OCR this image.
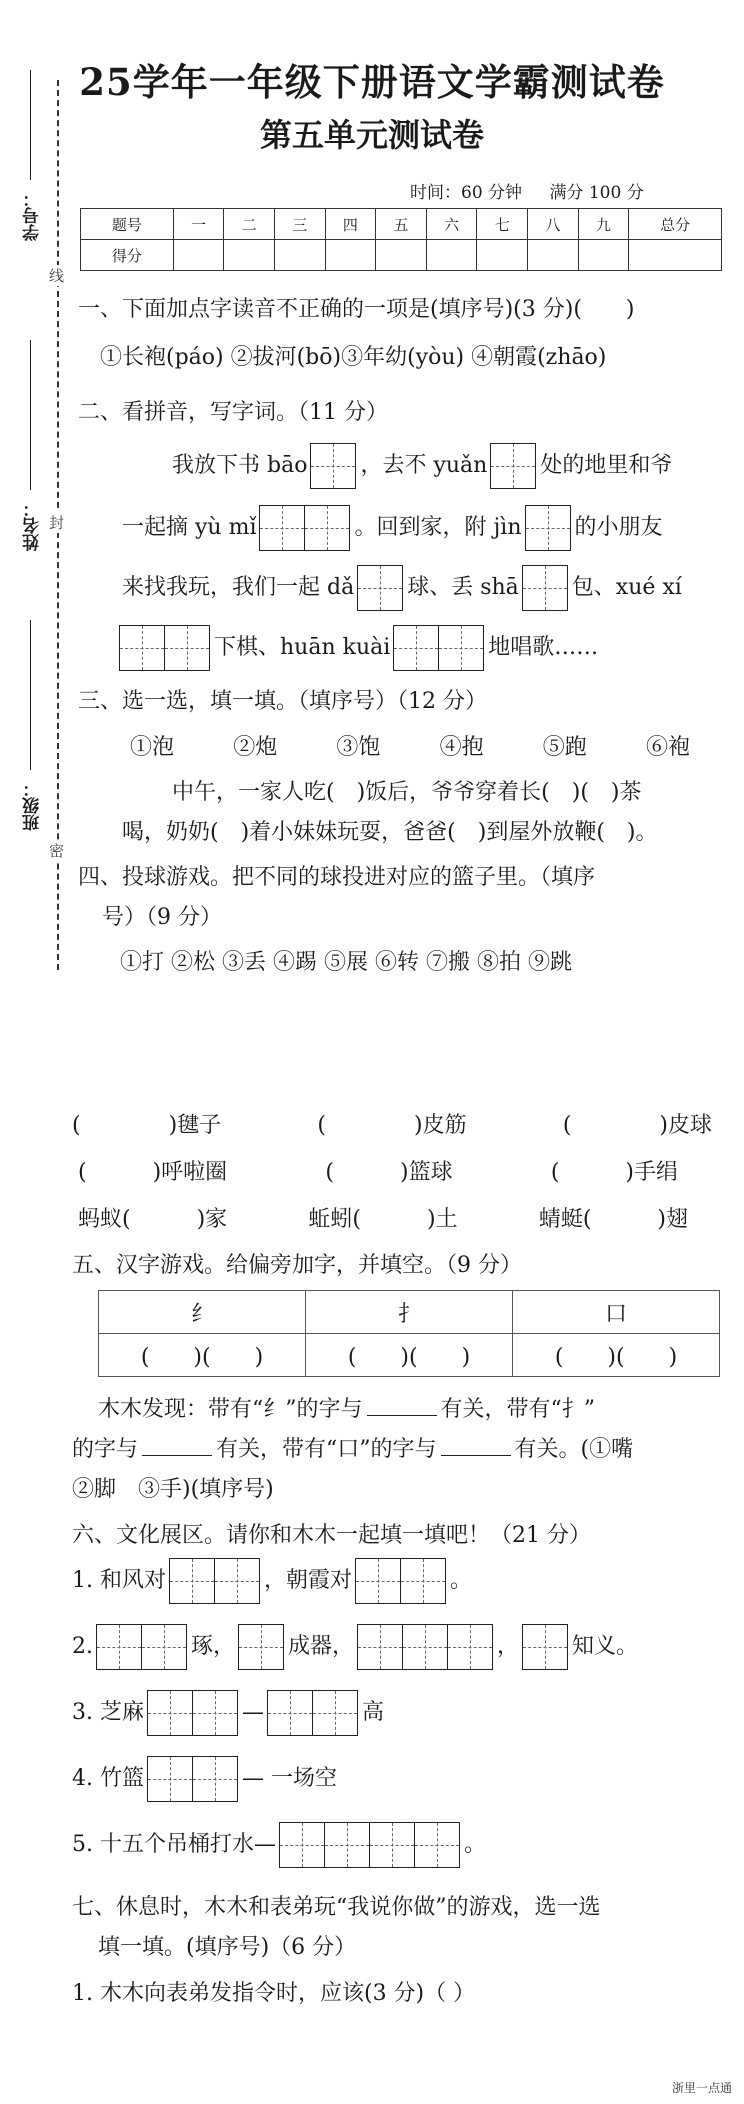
学号：
线
姓名： 封
班级：
密
25学年一年级下册语文学霸测试卷
第五单元测试卷
时间：60 分钟 满分 100 分
题号	一	二	三	四	五	六	七	八	九	总分
得分										
一、下面加点字读音不正确的一项是(填序号)(3 分)(　　)
①长袍(páo) ②拔河(bō)③年幼(yòu) ④朝霞(zhāo)
二、看拼音，写字词。（11 分）
我放下书 bāo ，去不 yuǎn 处的地里和爷
一起摘 yù mǐ	。回到家，附 jìn 的小朋友
来找我玩，我们一起 dǎ 球、丢 shā 包、xué xí
下棋、huān kuài	地唱歌……
三、选一选，填一填。（填序号）（12 分）
①泡	②炮	③饱	④抱	⑤跑	⑥袍
中午，一家人吃(　)饭后，爷爷穿着长(　)(　)茶
喝，奶奶(　)着小妹妹玩耍，爸爸(　)到屋外放鞭(　)。
四、投球游戏。把不同的球投进对应的篮子里。（填序
号）（9 分）
①打 ②松 ③丢 ④踢 ⑤展 ⑥转 ⑦搬 ⑧拍 ⑨跳
(　　　　)毽子	(　　　　)皮筋	(　　　　)皮球
(　　　)呼啦圈	(　　　)篮球	(　　　)手绢
蚂蚁(　　　)家	蚯蚓(　　　)土	蜻蜓(　　　)翅
五、汉字游戏。给偏旁加字，并填空。（9 分）
纟	扌	口
(　　)(　　)	(　　)(　　)	(　　)(　　)
木木发现：带有“纟”的字与	有关，带有“扌”
的字与	有关，带有“口”的字与	有关。(①嘴
②脚　③手)(填序号)
六、文化展区。请你和木木一起填一填吧！（21 分）
1. 和风对	，朝霞对	。
2.	琢， 成器，	， 知义。
3. 芝麻	—	高
4. 竹篮	— 一场空
5. 十五个吊桶打水—	。
七、休息时，木木和表弟玩“我说你做”的游戏，选一选
填一填。(填序号)（6 分）
1. 木木向表弟发指令时，应该(3 分)（ ）
浙里一点通
